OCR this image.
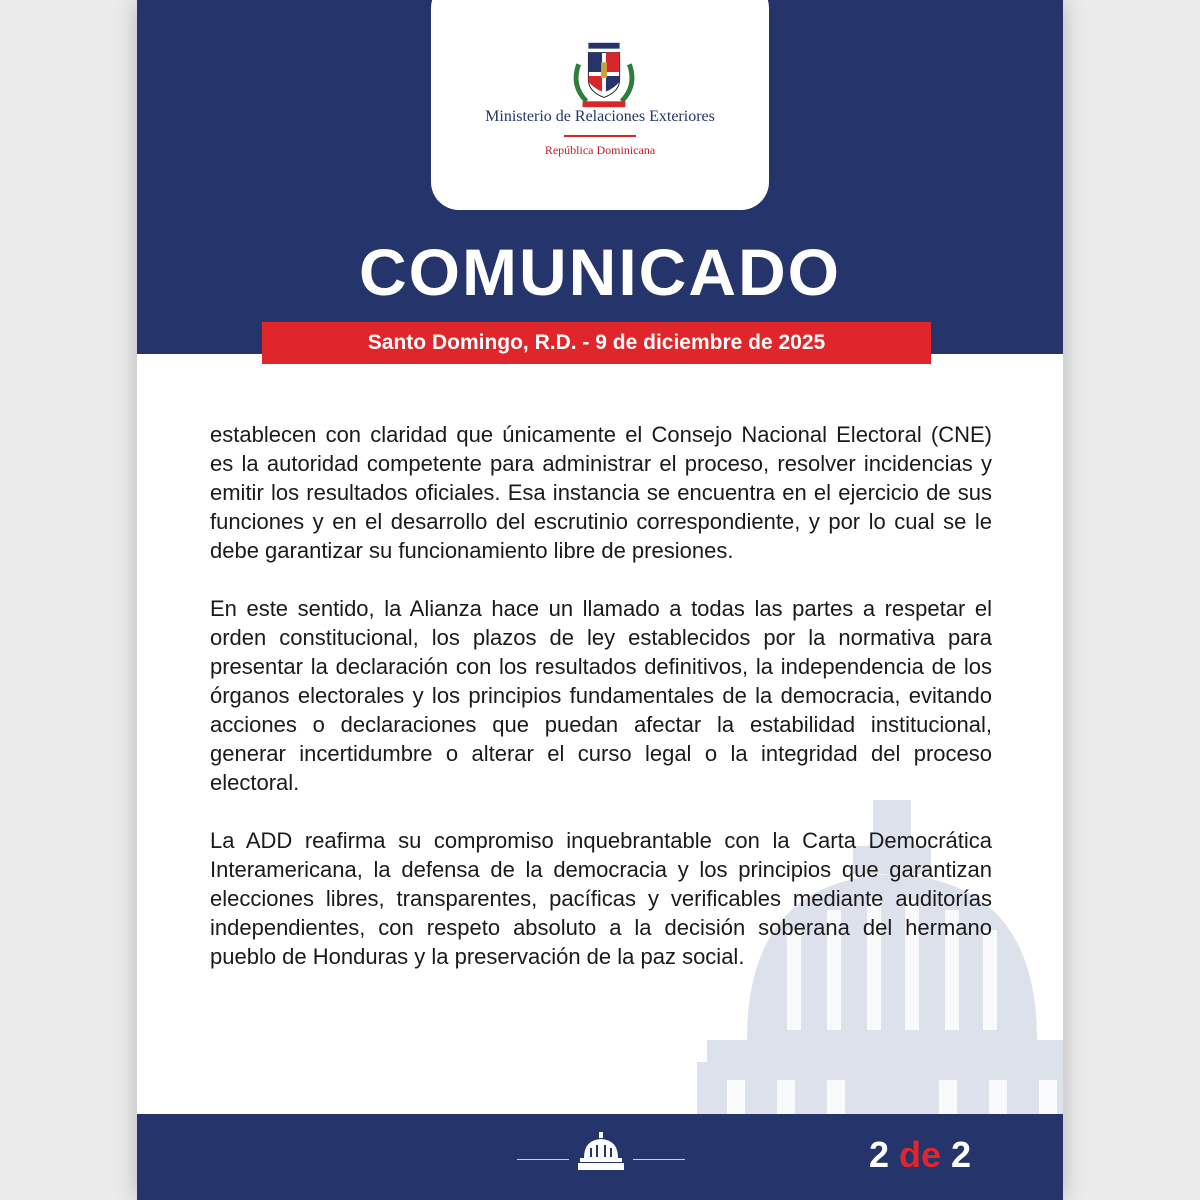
Ministerio de Relaciones Exteriores
República Dominicana
COMUNICADO
Santo Domingo, R.D. - 9 de diciembre de 2025

establecen con claridad que únicamente el Consejo Nacional Electoral (CNE) es la autoridad competente para administrar el proceso, resolver incidencias y emitir los resultados oficiales. Esa instancia se encuentra en el ejercicio de sus funciones y en el desarrollo del escrutinio correspondiente, y por lo cual se le debe garantizar su funcionamiento libre de presiones.

En este sentido, la Alianza hace un llamado a todas las partes a respetar el orden constitucional, los plazos de ley establecidos por la normativa para presentar la declaración con los resultados definitivos, la independencia de los órganos electorales y los principios fundamentales de la democracia, evitando acciones o declaraciones que puedan afectar la estabilidad institucional, generar incertidumbre o alterar el curso legal o la integridad del proceso electoral.

La ADD reafirma su compromiso inquebrantable con la Carta Democrática Interamericana, la defensa de la democracia y los principios que garantizan elecciones libres, transparentes, pacíficas y verificables mediante auditorías independientes, con respeto absoluto a la decisión soberana del hermano pueblo de Honduras y la preservación de la paz social.

2 de 2
